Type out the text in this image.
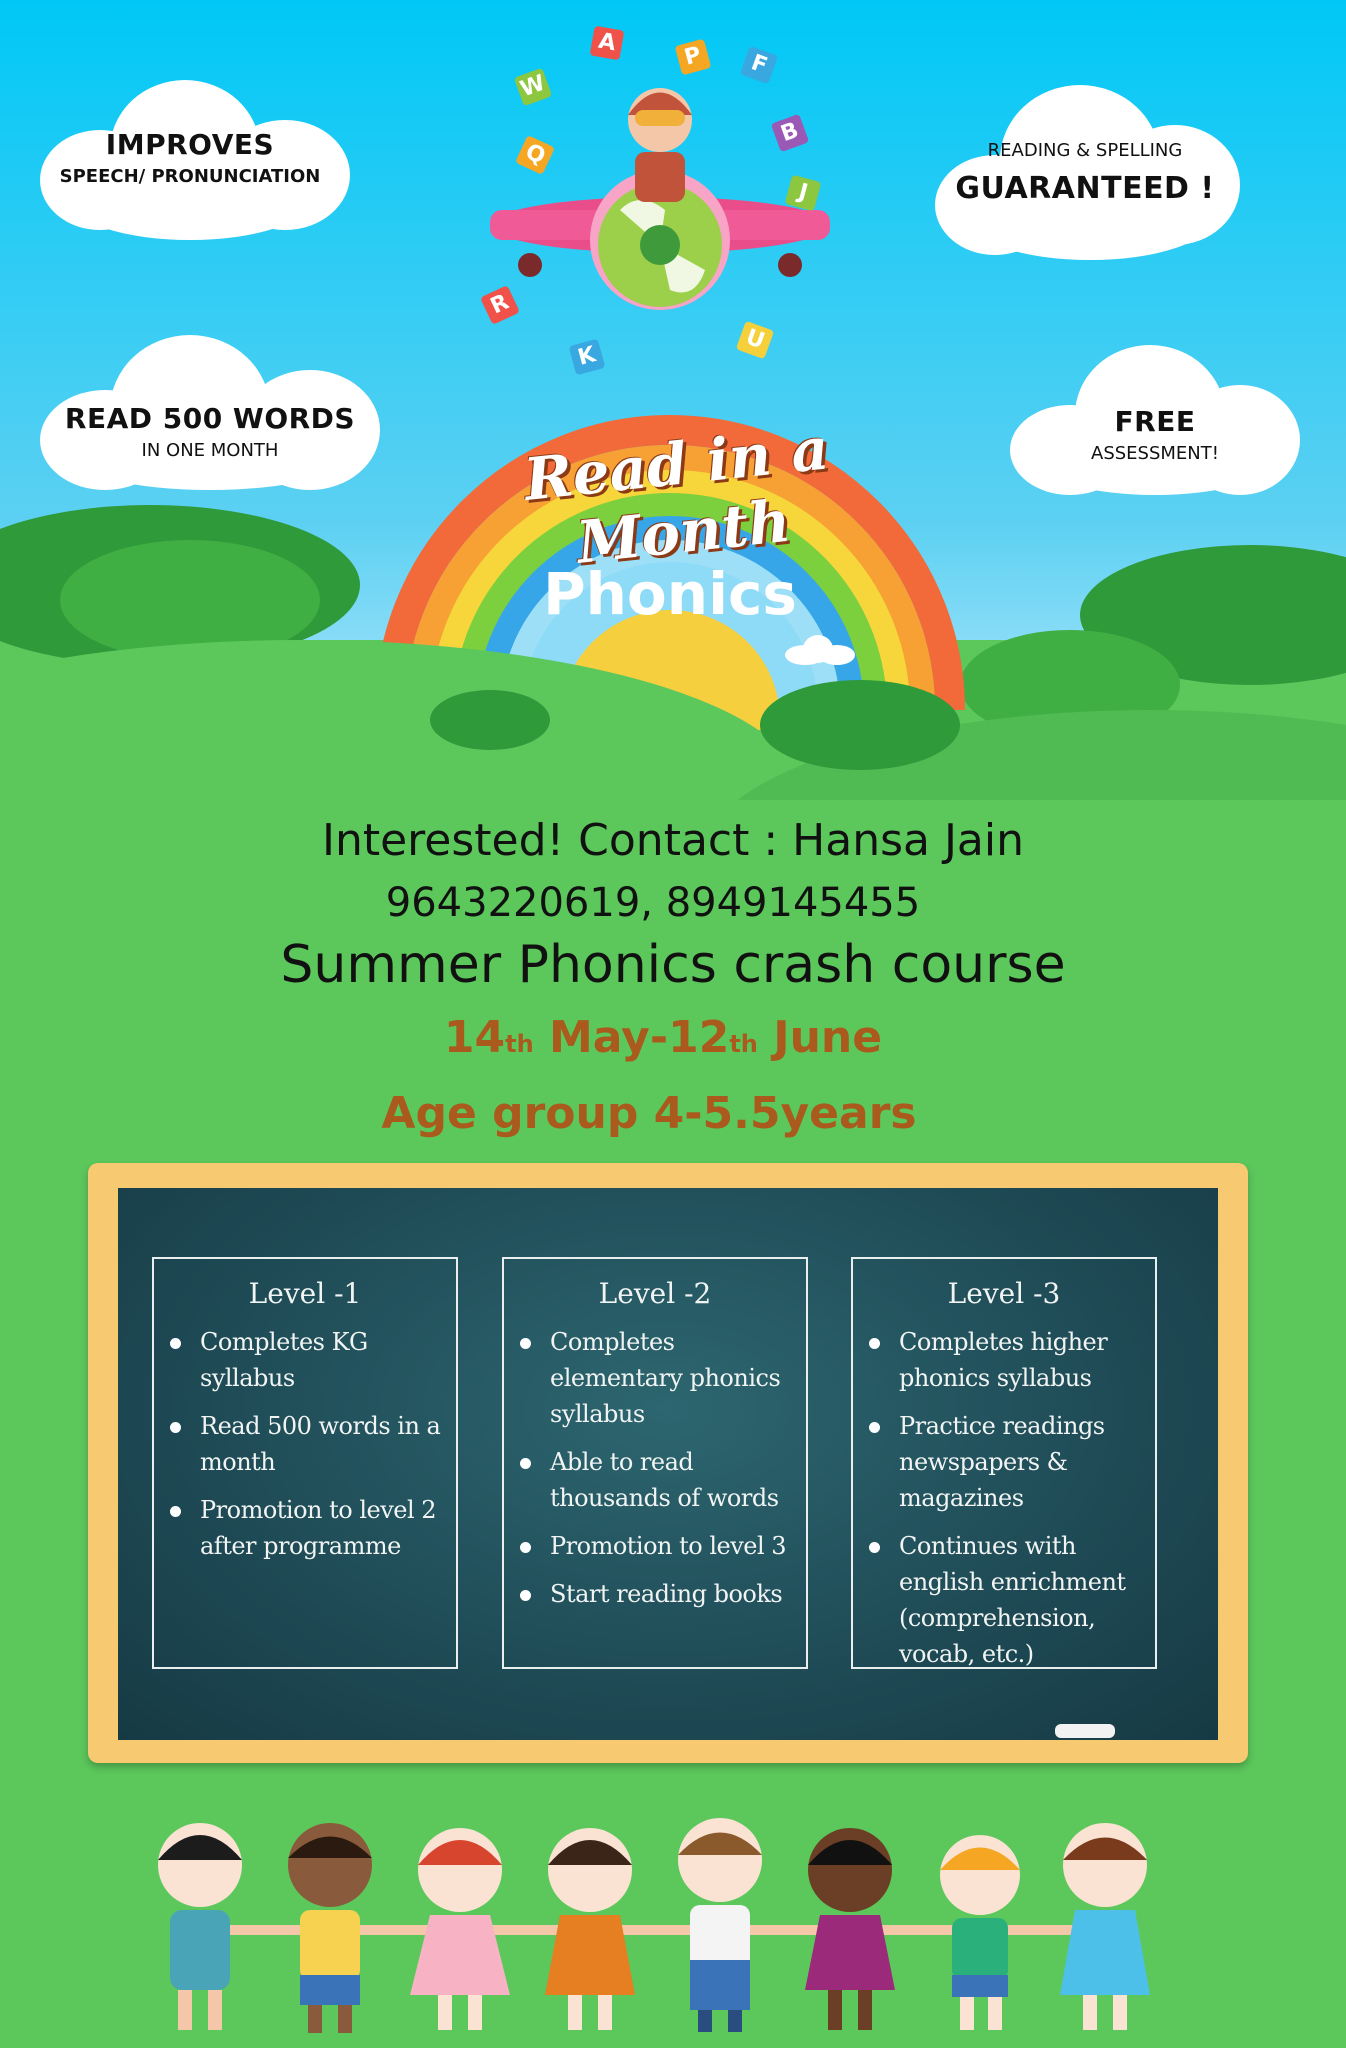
Read in a Month
Phonics
W
A	P	F
Q
B
J
R
U
K
IMPROVES
SPEECH/ PRONUNCIATION
READING & SPELLING
GUARANTEED !
READ 500 WORDS
IN ONE MONTH
FREE
ASSESSMENT!
Interested! Contact : Hansa Jain
9643220619, 8949145455
Summer Phonics crash course
14th May-12th June
Age group 4-5.5years
Level -1
Completes KG syllabus
Read 500 words in a month
Promotion to level 2 after programme
Level -2
Completes elementary phonics syllabus
Able to read thousands of words
Promotion to level 3
Start reading books
Level -3
Completes higher phonics syllabus
Practice readings newspapers & magazines
Continues with english enrichment (comprehension, vocab, etc.)
